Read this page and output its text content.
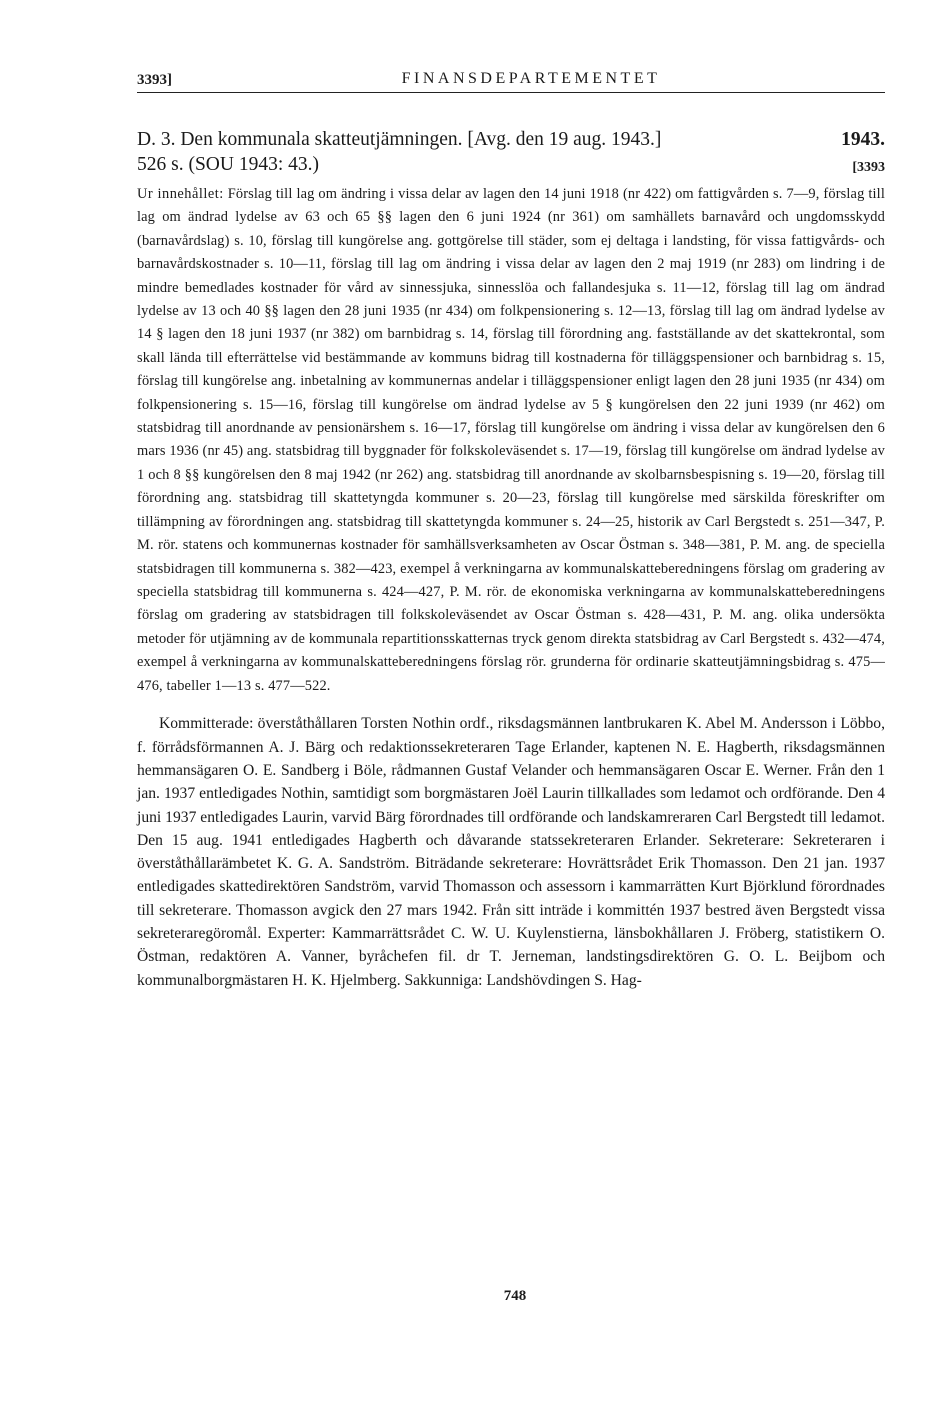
3393]	FINANSDEPARTEMENTET
D. 3. Den kommunala skatteutjämningen. [Avg. den 19 aug. 1943.]	1943.
526 s. (SOU 1943: 43.)	[3393

Ur innehållet: Förslag till lag om ändring i vissa delar av lagen den 14 juni 1918 (nr 422) om fattigvården s. 7—9, förslag till lag om ändrad lydelse av 63 och 65 §§ lagen den 6 juni 1924 (nr 361) om samhällets barnavård och ungdomsskydd (barnavårdslag) s. 10, förslag till kungörelse ang. gottgörelse till städer, som ej deltaga i landsting, för vissa fattigvårds- och barnavårdskostnader s. 10—11, förslag till lag om ändring i vissa delar av lagen den 2 maj 1919 (nr 283) om lindring i de mindre bemedlades kostnader för vård av sinnessjuka, sinnesslöa och fallandesjuka s. 11—12, förslag till lag om ändrad lydelse av 13 och 40 §§ lagen den 28 juni 1935 (nr 434) om folkpensionering s. 12—13, förslag till lag om ändrad lydelse av 14 § lagen den 18 juni 1937 (nr 382) om barnbidrag s. 14, förslag till förordning ang. fastställande av det skattekrontal, som skall lända till efterrättelse vid bestämmande av kommuns bidrag till kostnaderna för tilläggspensioner och barnbidrag s. 15, förslag till kungörelse ang. inbetalning av kommunernas andelar i tilläggspensioner enligt lagen den 28 juni 1935 (nr 434) om folkpensionering s. 15—16, förslag till kungörelse om ändrad lydelse av 5 § kungörelsen den 22 juni 1939 (nr 462) om statsbidrag till anordnande av pensionärshem s. 16—17, förslag till kungörelse om ändring i vissa delar av kungörelsen den 6 mars 1936 (nr 45) ang. statsbidrag till byggnader för folkskoleväsendet s. 17—19, förslag till kungörelse om ändrad lydelse av 1 och 8 §§ kungörelsen den 8 maj 1942 (nr 262) ang. statsbidrag till anordnande av skolbarnsbespisning s. 19—20, förslag till förordning ang. statsbidrag till skattetyngda kommuner s. 20—23, förslag till kungörelse med särskilda föreskrifter om tillämpning av förordningen ang. statsbidrag till skattetyngda kommuner s. 24—25, historik av Carl Bergstedt s. 251—347, P. M. rör. statens och kommunernas kostnader för samhällsverksamheten av Oscar Östman s. 348—381, P. M. ang. de speciella statsbidragen till kommunerna s. 382—423, exempel å verkningarna av kommunalskatteberedningens förslag om gradering av speciella statsbidrag till kommunerna s. 424—427, P. M. rör. de ekonomiska verkningarna av kommunalskatteberedningens förslag om gradering av statsbidragen till folkskoleväsendet av Oscar Östman s. 428—431, P. M. ang. olika undersökta metoder för utjämning av de kommunala repartitionsskatternas tryck genom direkta statsbidrag av Carl Bergstedt s. 432—474, exempel å verkningarna av kommunalskatteberedningens förslag rör. grunderna för ordinarie skatteutjämningsbidrag s. 475—476, tabeller 1—13 s. 477—522.

Kommitterade: överståthållaren Torsten Nothin ordf., riksdagsmännen lantbrukaren K. Abel M. Andersson i Löbbo, f. förrådsförmannen A. J. Bärg och redaktionssekreteraren Tage Erlander, kaptenen N. E. Hagberth, riksdagsmännen hemmansägaren O. E. Sandberg i Böle, rådmannen Gustaf Velander och hemmansägaren Oscar E. Werner. Från den 1 jan. 1937 entledigades Nothin, samtidigt som borgmästaren Joël Laurin tillkallades som ledamot och ordförande. Den 4 juni 1937 entledigades Laurin, varvid Bärg förordnades till ordförande och landskamreraren Carl Bergstedt till ledamot. Den 15 aug. 1941 entledigades Hagberth och dåvarande statssekreteraren Erlander. Sekreterare: Sekreteraren i överståthållarämbetet K. G. A. Sandström. Biträdande sekreterare: Hovrättsrådet Erik Thomasson. Den 21 jan. 1937 entledigades skattedirektören Sandström, varvid Thomasson och assessorn i kammarrätten Kurt Björklund förordnades till sekreterare. Thomasson avgick den 27 mars 1942. Från sitt inträde i kommittén 1937 bestred även Bergstedt vissa sekreteraregöromål. Experter: Kammarrättsrådet C. W. U. Kuylenstierna, länsbokhållaren J. Fröberg, statistikern O. Östman, redaktören A. Vanner, byråchefen fil. dr T. Jerneman, landstingsdirektören G. O. L. Beijbom och kommunalborgmästaren H. K. Hjelmberg. Sakkunniga: Landshövdingen S. Hag-

748
